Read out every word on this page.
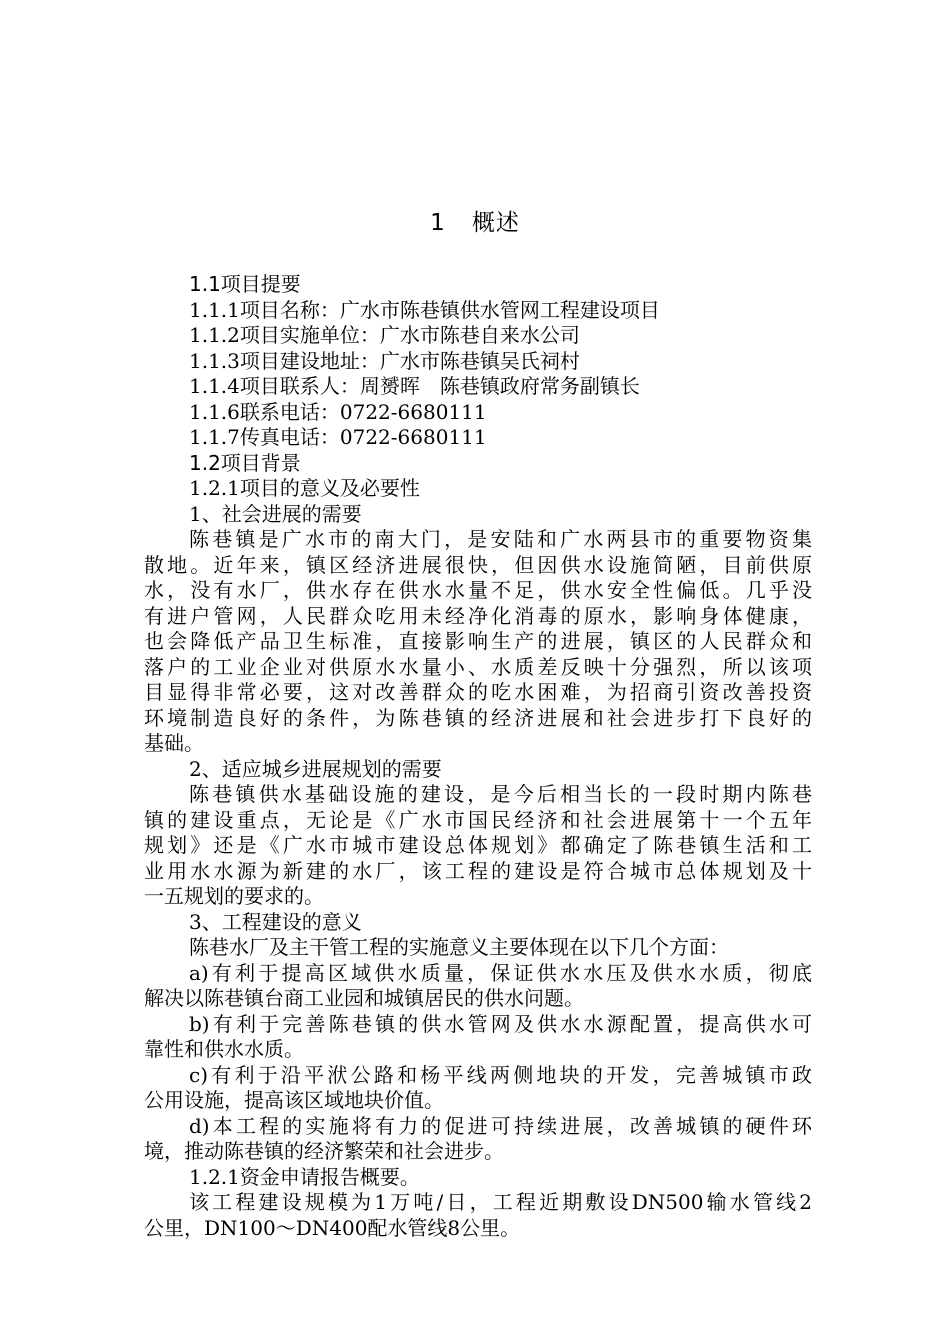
1 概述
1.1项目提要
1.1.1项目名称：广水市陈巷镇供水管网工程建设项目
1.1.2项目实施单位：广水市陈巷自来水公司
1.1.3项目建设地址：广水市陈巷镇吴氏祠村
1.1.4项目联系人：周赟晖　陈巷镇政府常务副镇长
1.1.6联系电话：0722-6680111
1.1.7传真电话：0722-6680111
1.2项目背景
1.2.1项目的意义及必要性
1、社会进展的需要
陈巷镇是广水市的南大门，是安陆和广水两县市的重要物资集
散地。近年来，镇区经济进展很快，但因供水设施简陋，目前供原
水，没有水厂，供水存在供水水量不足，供水安全性偏低。几乎没
有进户管网，人民群众吃用未经净化消毒的原水，影响身体健康，
也会降低产品卫生标准，直接影响生产的进展，镇区的人民群众和
落户的工业企业对供原水水量小、水质差反映十分强烈，所以该项
目显得非常必要，这对改善群众的吃水困难，为招商引资改善投资
环境制造良好的条件，为陈巷镇的经济进展和社会进步打下良好的
基础。
2、适应城乡进展规划的需要
陈巷镇供水基础设施的建设，是今后相当长的一段时期内陈巷
镇的建设重点，无论是《广水市国民经济和社会进展第十一个五年
规划》还是《广水市城市建设总体规划》都确定了陈巷镇生活和工
业用水水源为新建的水厂，该工程的建设是符合城市总体规划及十
一五规划的要求的。
3、工程建设的意义
陈巷水厂及主干管工程的实施意义主要体现在以下几个方面：
a)有利于提高区域供水质量，保证供水水压及供水水质，彻底
解决以陈巷镇台商工业园和城镇居民的供水问题。
b)有利于完善陈巷镇的供水管网及供水水源配置，提高供水可
靠性和供水水质。
c)有利于沿平洑公路和杨平线两侧地块的开发，完善城镇市政
公用设施，提高该区域地块价值。
d)本工程的实施将有力的促进可持续进展，改善城镇的硬件环
境，推动陈巷镇的经济繁荣和社会进步。
1.2.1资金申请报告概要。
该工程建设规模为1万吨/日，工程近期敷设DN500输水管线2
公里，DN100～DN400配水管线8公里。
